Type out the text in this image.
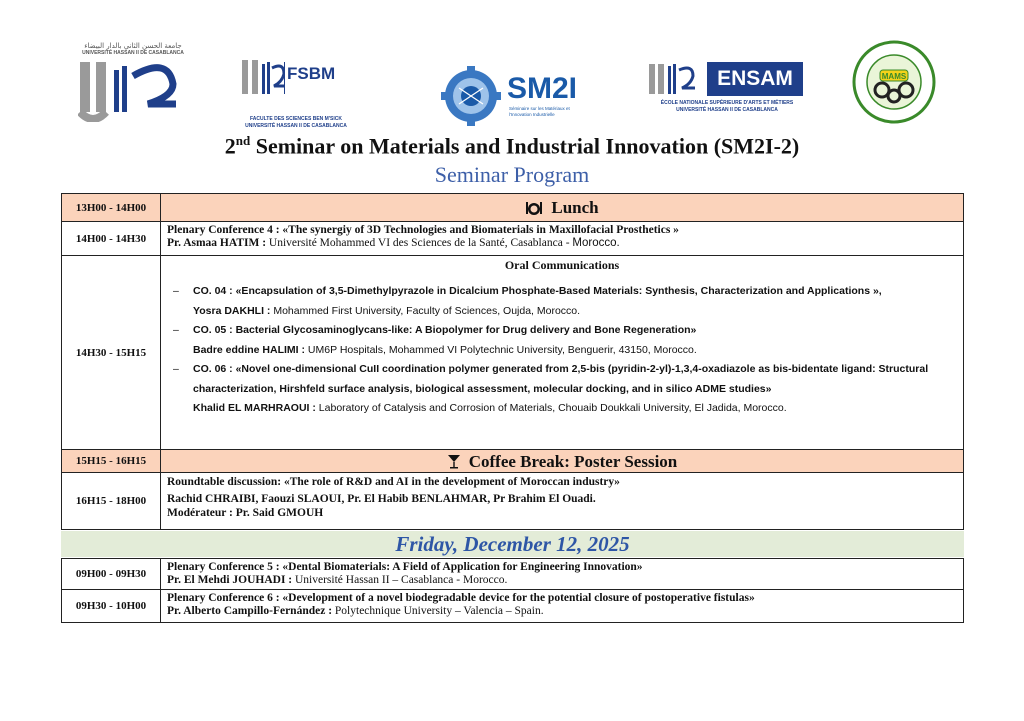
جامعة الحسن الثاني بالدار البيضاء
UNIVERSITÉ HASSAN II DE CASABLANCA
FSBM
FACULTE DES SCIENCES BEN M'SICK
UNIVERSITÉ HASSAN II DE CASABLANCA
SM2I
Séminaire sur les Matériaux et l'Innovation Industrielle
ENSAM
ÉCOLE NATIONALE SUPÉRIEURE D'ARTS ET MÉTIERS
UNIVERSITÉ HASSAN II DE CASABLANCA
MAMS
2nd Seminar on Materials and Industrial Innovation (SM2I-2)
Seminar Program
13H00 - 14H00	Lunch
14H00 - 14H30
Plenary Conference 4 : «The synergiy of 3D Technologies and Biomaterials in Maxillofacial Prosthetics »
Pr. Asmaa HATIM : Université Mohammed VI des Sciences de la Santé, Casablanca - Morocco.
14H30 - 15H15
Oral Communications
– CO. 04 : «Encapsulation of 3,5-Dimethylpyrazole in Dicalcium Phosphate-Based Materials: Synthesis, Characterization and Applications »,
Yosra DAKHLI : Mohammed First University, Faculty of Sciences, Oujda, Morocco.
– CO. 05 : Bacterial Glycosaminoglycans-like: A Biopolymer for Drug delivery and Bone Regeneration»
Badre eddine HALIMI : UM6P Hospitals, Mohammed VI Polytechnic University, Benguerir, 43150, Morocco.
– CO. 06 : «Novel one-dimensional CuII coordination polymer generated from 2,5-bis (pyridin-2-yl)-1,3,4-oxadiazole as bis-bidentate ligand: Structural characterization, Hirshfeld surface analysis, biological assessment, molecular docking, and in silico ADME studies»
Khalid EL MARHRAOUI : Laboratory of Catalysis and Corrosion of Materials, Chouaib Doukkali University, El Jadida, Morocco.
15H15 - 16H15	Coffee Break: Poster Session
16H15 - 18H00
Roundtable discussion: «The role of R&D and AI in the development of Moroccan industry»
Rachid CHRAIBI, Faouzi SLAOUI, Pr. El Habib BENLAHMAR, Pr Brahim El Ouadi.
Modérateur : Pr. Said GMOUH
Friday, December 12, 2025
09H00 - 09H30
Plenary Conference 5 : «Dental Biomaterials: A Field of Application for Engineering Innovation»
Pr. El Mehdi JOUHADI : Université Hassan II – Casablanca - Morocco.
09H30 - 10H00
Plenary Conference 6 : «Development of a novel biodegradable device for the potential closure of postoperative fistulas»
Pr. Alberto Campillo-Fernández : Polytechnique University – Valencia – Spain.
